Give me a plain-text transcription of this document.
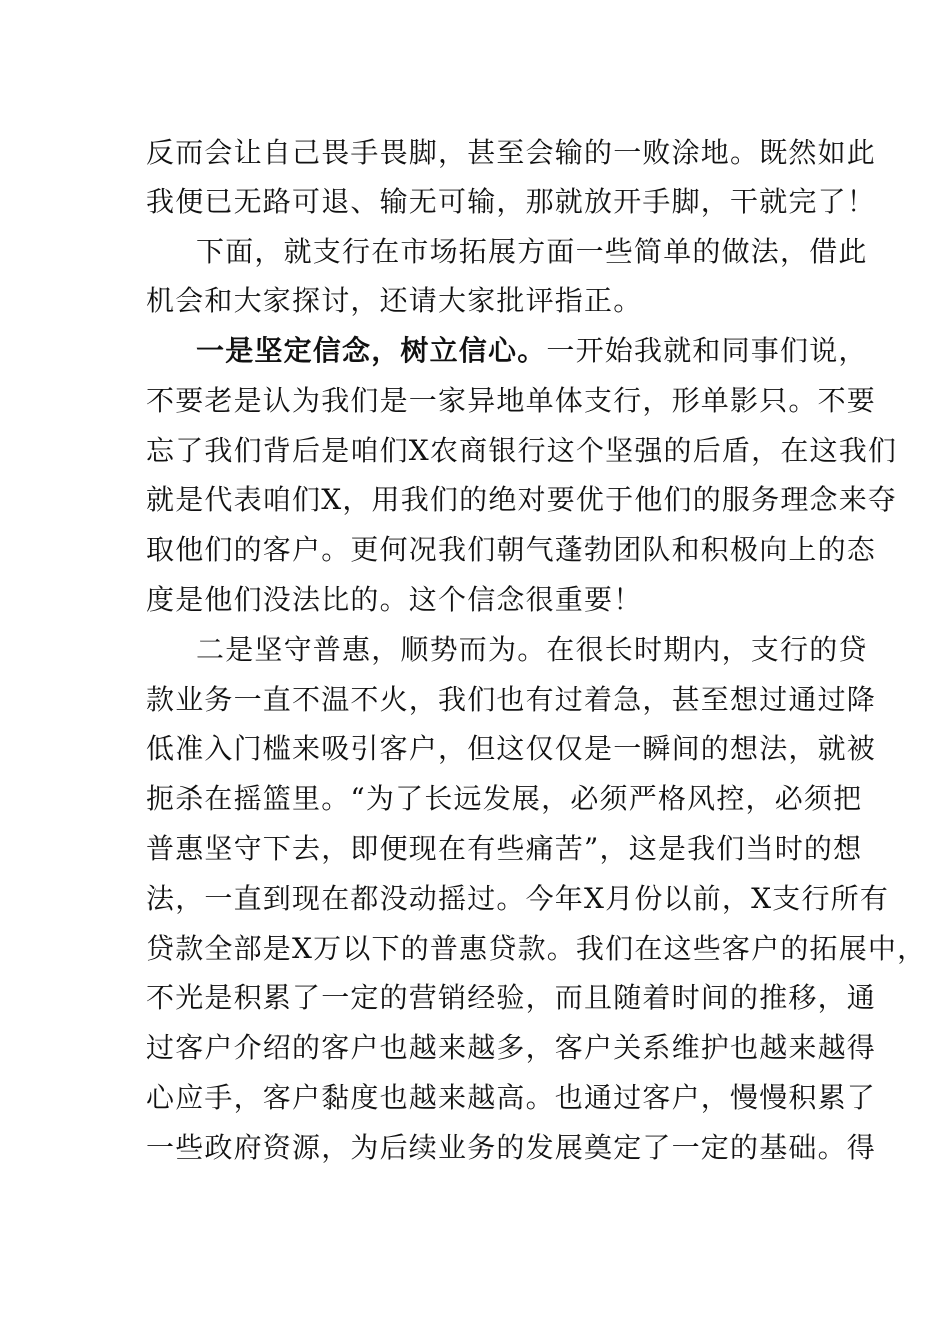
反而会让自己畏手畏脚，甚至会输的一败涂地。既然如此
我便已无路可退、输无可输，那就放开手脚，干就完了！
下面，就支行在市场拓展方面一些简单的做法，借此
机会和大家探讨，还请大家批评指正。
一是坚定信念，树立信心。一开始我就和同事们说，
不要老是认为我们是一家异地单体支行，形单影只。不要
忘了我们背后是咱们X农商银行这个坚强的后盾，在这我们
就是代表咱们X，用我们的绝对要优于他们的服务理念来夺
取他们的客户。更何况我们朝气蓬勃团队和积极向上的态
度是他们没法比的。这个信念很重要！
二是坚守普惠，顺势而为。在很长时期内，支行的贷
款业务一直不温不火，我们也有过着急，甚至想过通过降
低准入门槛来吸引客户，但这仅仅是一瞬间的想法，就被
扼杀在摇篮里。“为了长远发展，必须严格风控，必须把
普惠坚守下去，即便现在有些痛苦”，这是我们当时的想
法，一直到现在都没动摇过。今年X月份以前，X支行所有
贷款全部是X万以下的普惠贷款。我们在这些客户的拓展中，
不光是积累了一定的营销经验，而且随着时间的推移，通
过客户介绍的客户也越来越多，客户关系维护也越来越得
心应手，客户黏度也越来越高。也通过客户，慢慢积累了
一些政府资源，为后续业务的发展奠定了一定的基础。得
